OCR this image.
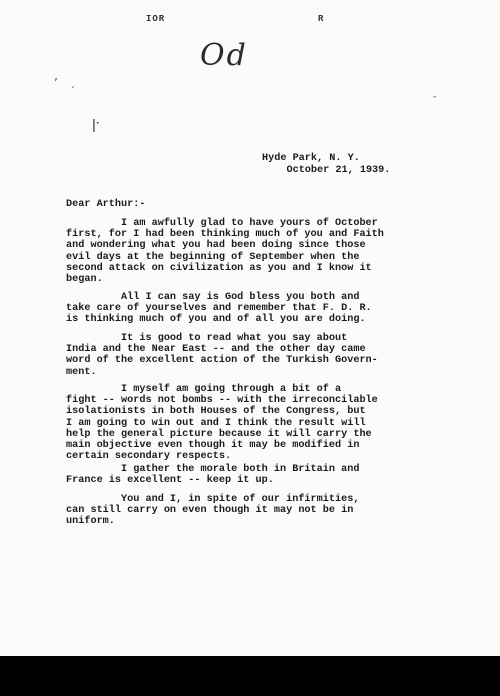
IOR	R
Od
’
ˊ
ǀˑ
˝
Hyde Park, N. Y.
October 21, 1939.
Dear Arthur:-
I am awfully glad to have yours of October
first, for I had been thinking much of you and Faith
and wondering what you had been doing since those
evil days at the beginning of September when the
second attack on civilization as you and I know it
began.
All I can say is God bless you both and
take care of yourselves and remember that F. D. R.
is thinking much of you and of all you are doing.
It is good to read what you say about
India and the Near East -- and the other day came
word of the excellent action of the Turkish Govern-
ment.
I myself am going through a bit of a
fight -- words not bombs -- with the irreconcilable
isolationists in both Houses of the Congress, but
I am going to win out and I think the result will
help the general picture because it will carry the
main objective even though it may be modified in
certain secondary respects.
I gather the morale both in Britain and
France is excellent -- keep it up.
You and I, in spite of our infirmities,
can still carry on even though it may not be in
uniform.
